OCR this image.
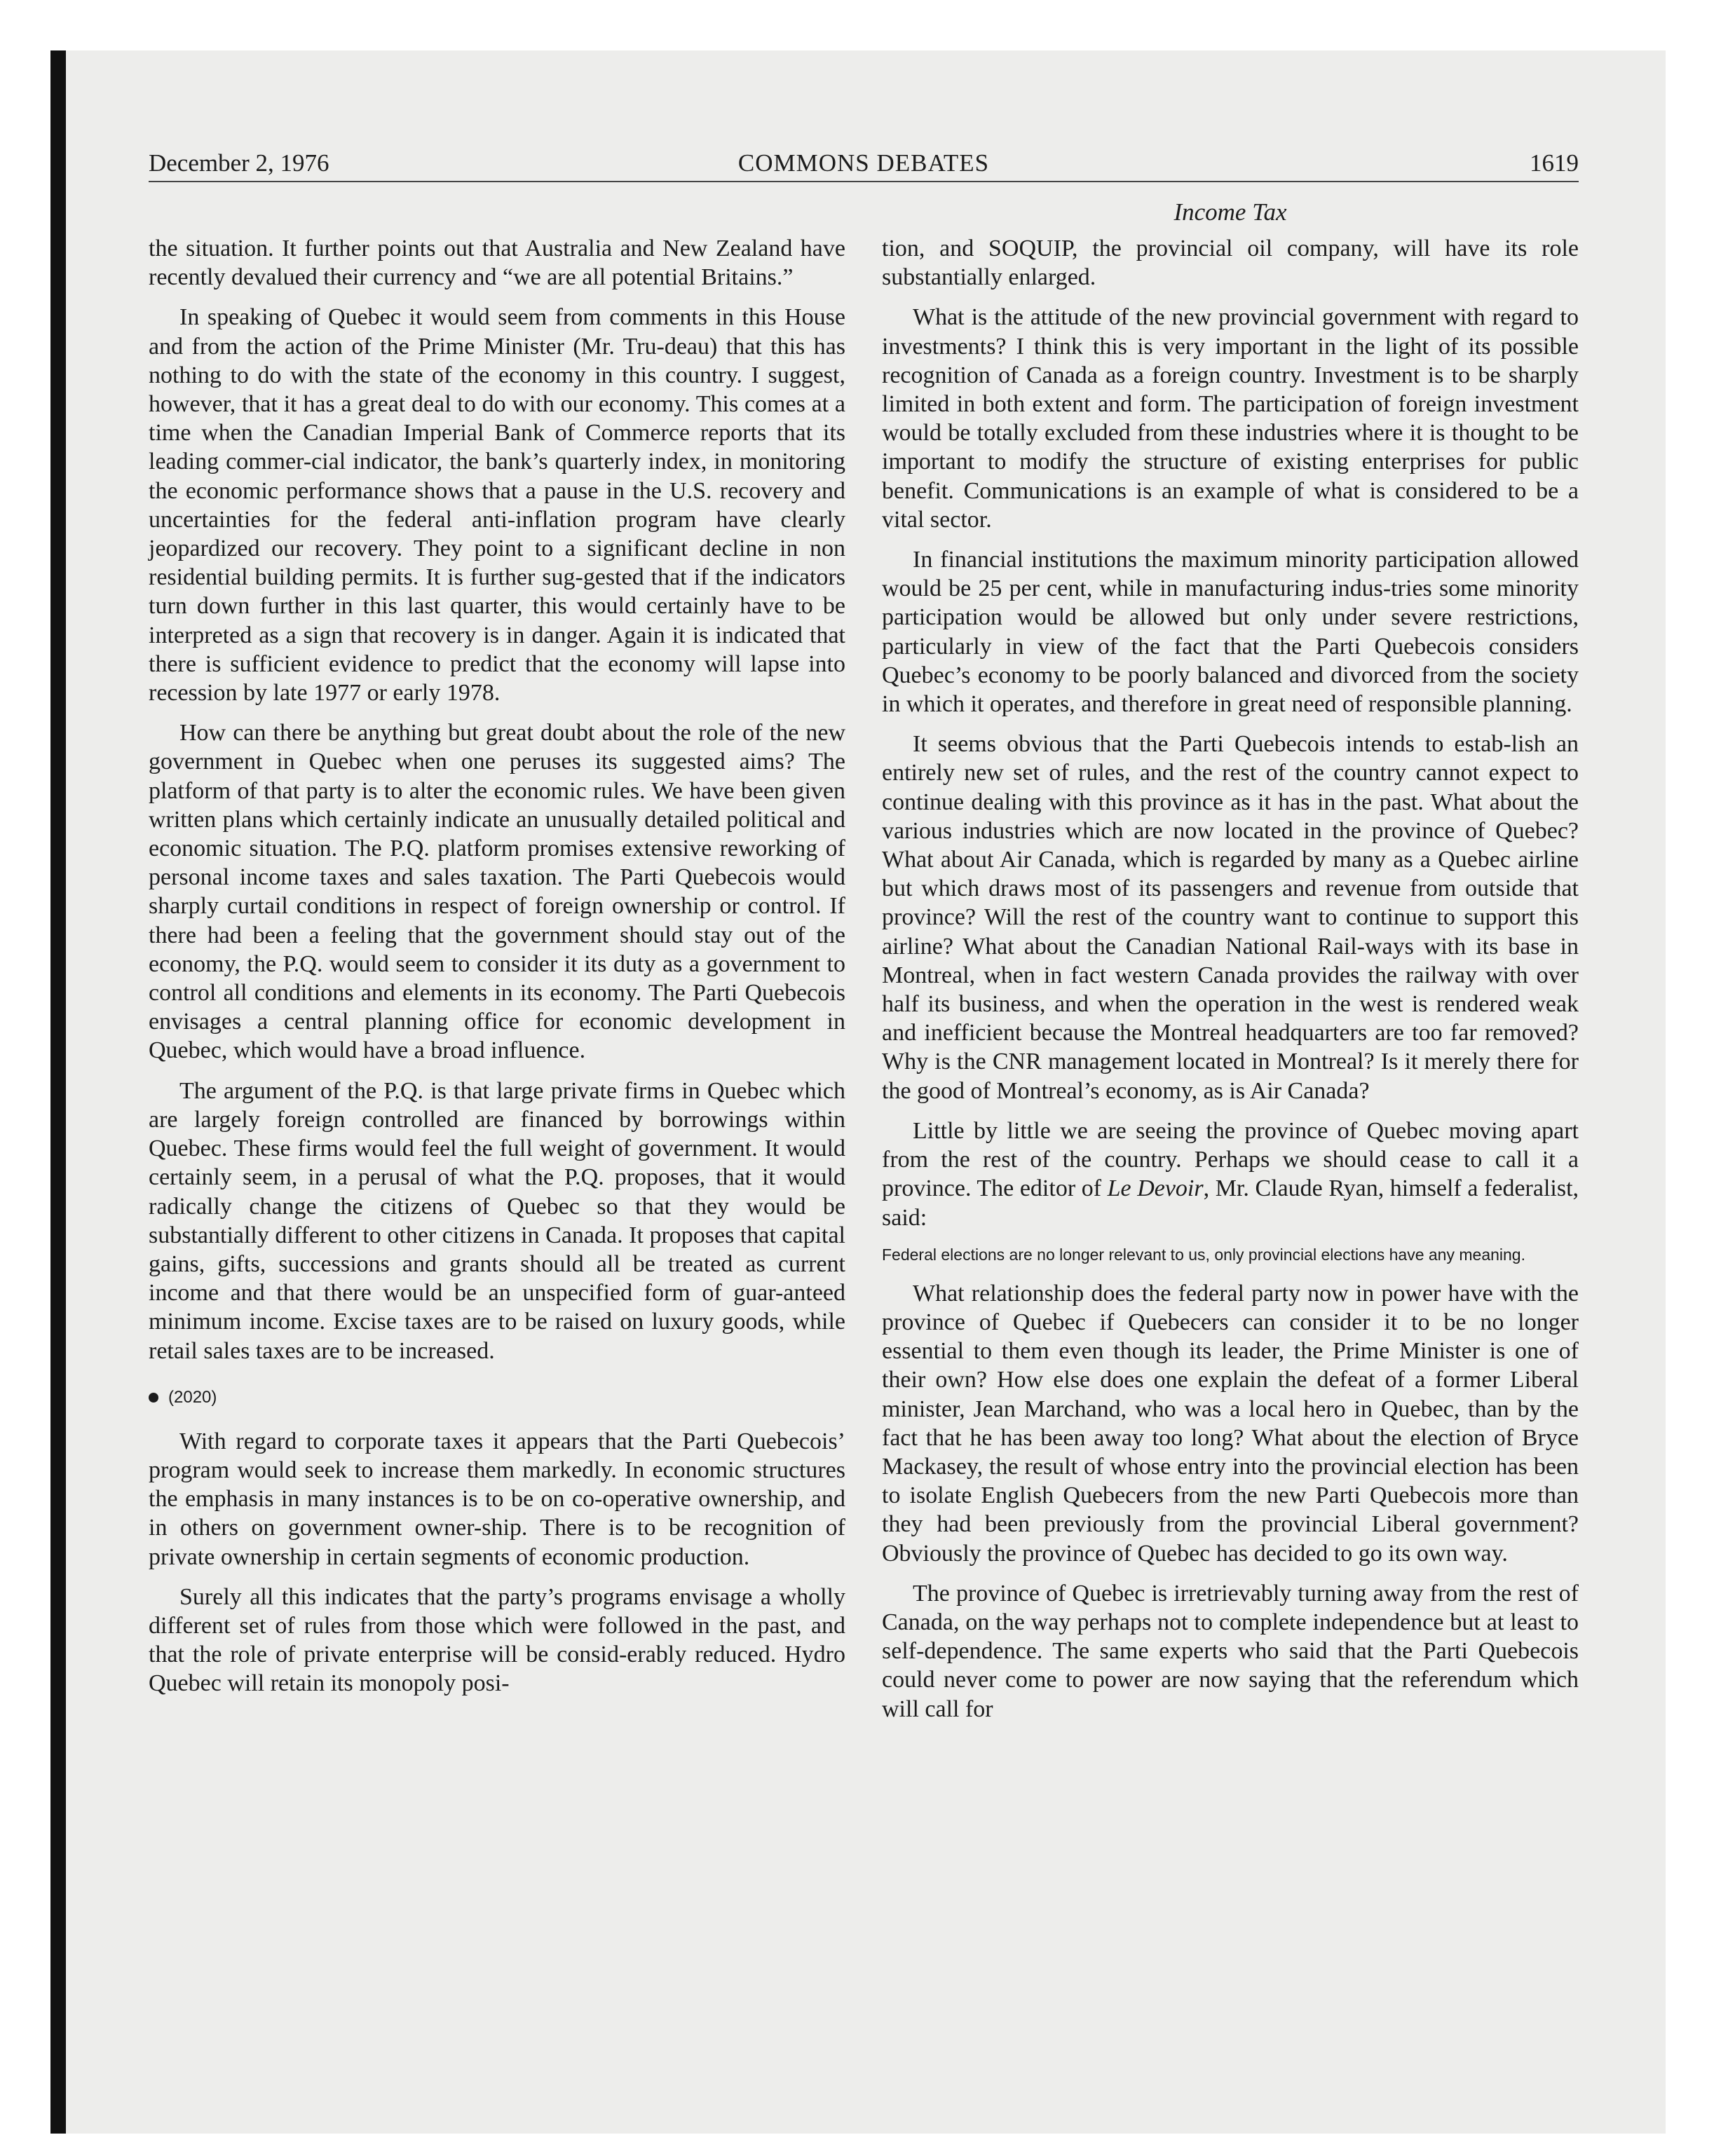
December 2, 1976	COMMONS DEBATES	1619
Income Tax

the situation. It further points out that Australia and New Zealand have recently devalued their currency and “we are all potential Britains.”

In speaking of Quebec it would seem from comments in this House and from the action of the Prime Minister (Mr. Tru-deau) that this has nothing to do with the state of the economy in this country. I suggest, however, that it has a great deal to do with our economy. This comes at a time when the Canadian Imperial Bank of Commerce reports that its leading commer-cial indicator, the bank’s quarterly index, in monitoring the economic performance shows that a pause in the U.S. recovery and uncertainties for the federal anti-inflation program have clearly jeopardized our recovery. They point to a significant decline in non residential building permits. It is further sug-gested that if the indicators turn down further in this last quarter, this would certainly have to be interpreted as a sign that recovery is in danger. Again it is indicated that there is sufficient evidence to predict that the economy will lapse into recession by late 1977 or early 1978.

How can there be anything but great doubt about the role of the new government in Quebec when one peruses its suggested aims? The platform of that party is to alter the economic rules. We have been given written plans which certainly indicate an unusually detailed political and economic situation. The P.Q. platform promises extensive reworking of personal income taxes and sales taxation. The Parti Quebecois would sharply curtail conditions in respect of foreign ownership or control. If there had been a feeling that the government should stay out of the economy, the P.Q. would seem to consider it its duty as a government to control all conditions and elements in its economy. The Parti Quebecois envisages a central planning office for economic development in Quebec, which would have a broad influence.

The argument of the P.Q. is that large private firms in Quebec which are largely foreign controlled are financed by borrowings within Quebec. These firms would feel the full weight of government. It would certainly seem, in a perusal of what the P.Q. proposes, that it would radically change the citizens of Quebec so that they would be substantially different to other citizens in Canada. It proposes that capital gains, gifts, successions and grants should all be treated as current income and that there would be an unspecified form of guar-anteed minimum income. Excise taxes are to be raised on luxury goods, while retail sales taxes are to be increased.

(2020)

With regard to corporate taxes it appears that the Parti Quebecois’ program would seek to increase them markedly. In economic structures the emphasis in many instances is to be on co-operative ownership, and in others on government owner-ship. There is to be recognition of private ownership in certain segments of economic production.

Surely all this indicates that the party’s programs envisage a wholly different set of rules from those which were followed in the past, and that the role of private enterprise will be consid-erably reduced. Hydro Quebec will retain its monopoly posi-

tion, and SOQUIP, the provincial oil company, will have its role substantially enlarged.

What is the attitude of the new provincial government with regard to investments? I think this is very important in the light of its possible recognition of Canada as a foreign country. Investment is to be sharply limited in both extent and form. The participation of foreign investment would be totally excluded from these industries where it is thought to be important to modify the structure of existing enterprises for public benefit. Communications is an example of what is considered to be a vital sector.

In financial institutions the maximum minority participation allowed would be 25 per cent, while in manufacturing indus-tries some minority participation would be allowed but only under severe restrictions, particularly in view of the fact that the Parti Quebecois considers Quebec’s economy to be poorly balanced and divorced from the society in which it operates, and therefore in great need of responsible planning.

It seems obvious that the Parti Quebecois intends to estab-lish an entirely new set of rules, and the rest of the country cannot expect to continue dealing with this province as it has in the past. What about the various industries which are now located in the province of Quebec? What about Air Canada, which is regarded by many as a Quebec airline but which draws most of its passengers and revenue from outside that province? Will the rest of the country want to continue to support this airline? What about the Canadian National Rail-ways with its base in Montreal, when in fact western Canada provides the railway with over half its business, and when the operation in the west is rendered weak and inefficient because the Montreal headquarters are too far removed? Why is the CNR management located in Montreal? Is it merely there for the good of Montreal’s economy, as is Air Canada?

Little by little we are seeing the province of Quebec moving apart from the rest of the country. Perhaps we should cease to call it a province. The editor of Le Devoir, Mr. Claude Ryan, himself a federalist, said:

Federal elections are no longer relevant to us, only provincial elections have any meaning.

What relationship does the federal party now in power have with the province of Quebec if Quebecers can consider it to be no longer essential to them even though its leader, the Prime Minister is one of their own? How else does one explain the defeat of a former Liberal minister, Jean Marchand, who was a local hero in Quebec, than by the fact that he has been away too long? What about the election of Bryce Mackasey, the result of whose entry into the provincial election has been to isolate English Quebecers from the new Parti Quebecois more than they had been previously from the provincial Liberal government? Obviously the province of Quebec has decided to go its own way.

The province of Quebec is irretrievably turning away from the rest of Canada, on the way perhaps not to complete independence but at least to self-dependence. The same experts who said that the Parti Quebecois could never come to power are now saying that the referendum which will call for
